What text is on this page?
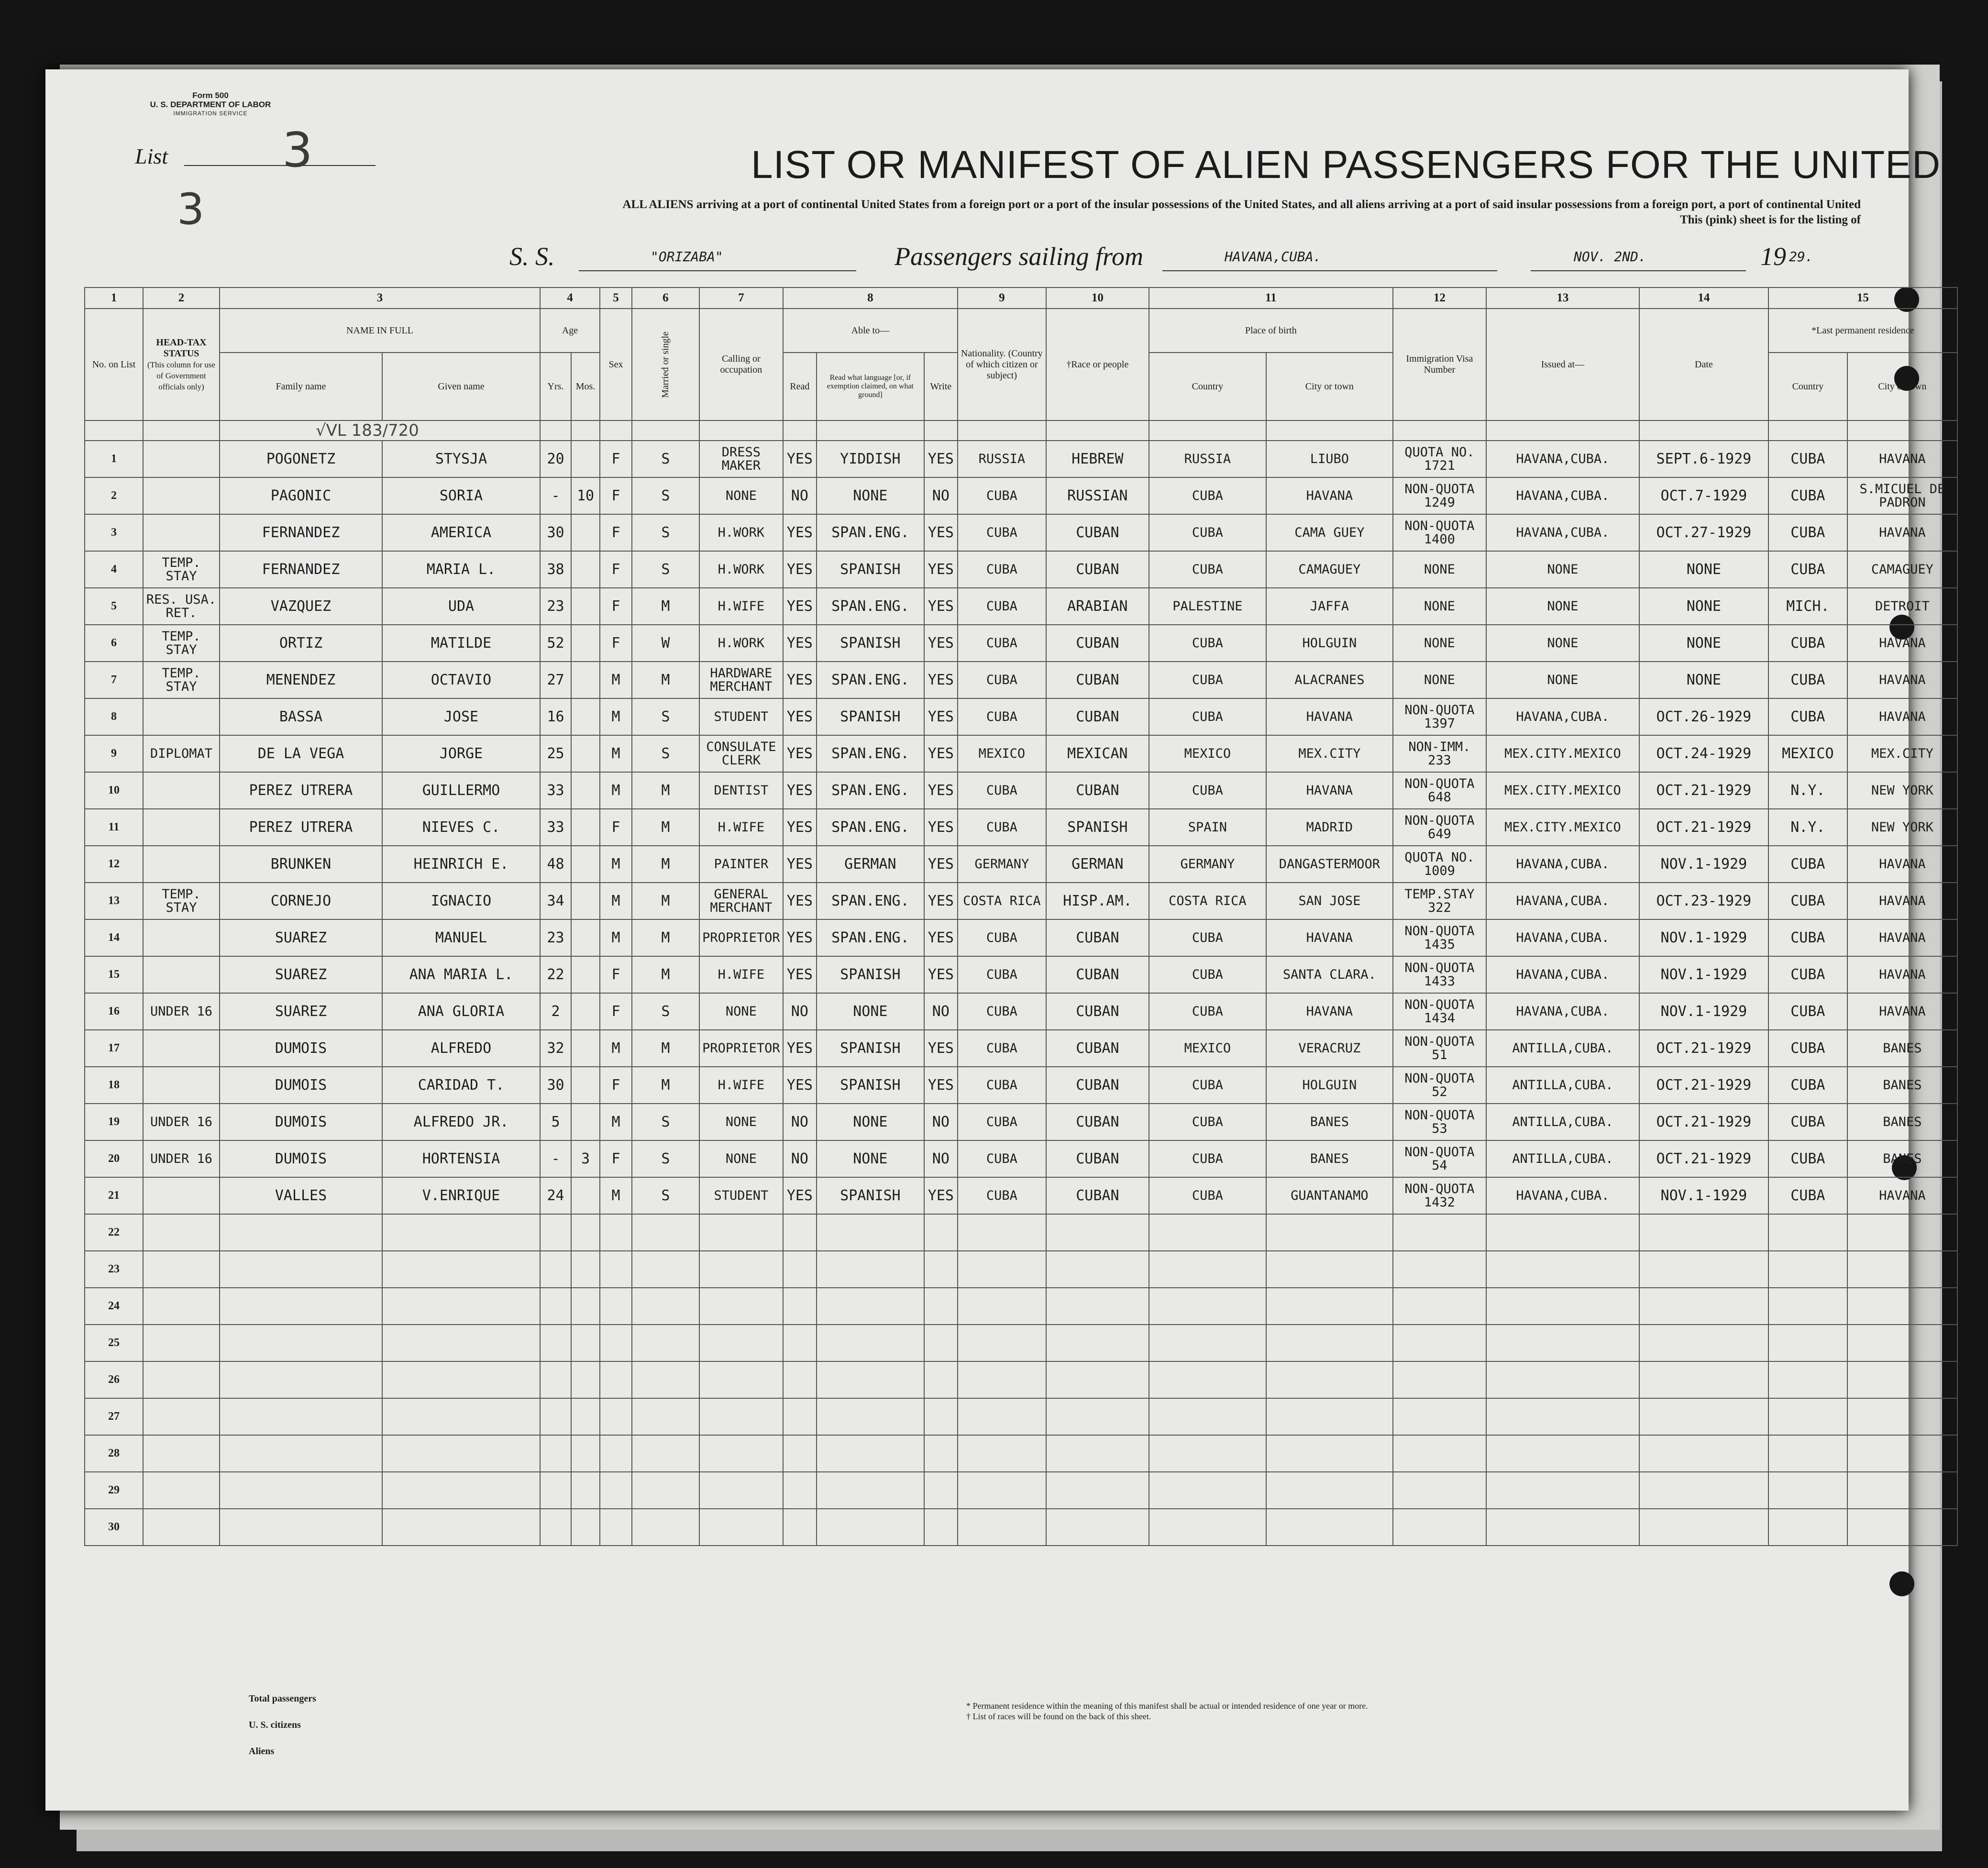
Form 500
U. S. DEPARTMENT OF LABOR
IMMIGRATION SERVICE
List 3
3
LIST OR MANIFEST OF ALIEN PASSENGERS FOR THE UNITED
ALL ALIENS arriving at a port of continental United States from a foreign port or a port of the insular possessions of the United States, and all aliens arriving at a port of said insular possessions from a foreign port, a port of continental United
This (pink) sheet is for the listing of
S. S.	"ORIZABA"	Passengers sailing from	HAVANA,CUBA.	NOV. 2ND.	19 29.
1	2	3		4		5	6	7	8			9	10	11		12	13	14	15	
No. on List	HEAD-TAX STATUS
(This column for use of Government officials only)	NAME IN FULL		Age		Sex	Married or single	Calling or occupation	Able to—			Nationality. (Country of which citizen or subject)	†Race or people	Place of birth		Immigration Visa Number	Issued at—	Date	*Last permanent residence	
		Family name	Given name	Yrs.	Mos.				Read	Read what language [or, if exemption claimed, on what ground]	Write			Country	City or town				Country	City or town
		√VL 183/720																		
1		POGONETZ	STYSJA	20		F	S	DRESS MAKER	YES	YIDDISH	YES	RUSSIA	HEBREW	RUSSIA	LIUBO	QUOTA NO. 1721	HAVANA,CUBA.	SEPT.6-1929	CUBA	HAVANA
2		PAGONIC	SORIA	-	10	F	S	NONE	NO	NONE	NO	CUBA	RUSSIAN	CUBA	HAVANA	NON-QUOTA 1249	HAVANA,CUBA.	OCT.7-1929	CUBA	S.MICUEL DE PADRON
3		FERNANDEZ	AMERICA	30		F	S	H.WORK	YES	SPAN.ENG.	YES	CUBA	CUBAN	CUBA	CAMA GUEY	NON-QUOTA 1400	HAVANA,CUBA.	OCT.27-1929	CUBA	HAVANA
4	TEMP. STAY	FERNANDEZ	MARIA L.	38		F	S	H.WORK	YES	SPANISH	YES	CUBA	CUBAN	CUBA	CAMAGUEY	NONE	NONE	NONE	CUBA	CAMAGUEY
5	RES. USA. RET.	VAZQUEZ	UDA	23		F	M	H.WIFE	YES	SPAN.ENG.	YES	CUBA	ARABIAN	PALESTINE	JAFFA	NONE	NONE	NONE	MICH.	DETROIT
6	TEMP. STAY	ORTIZ	MATILDE	52		F	W	H.WORK	YES	SPANISH	YES	CUBA	CUBAN	CUBA	HOLGUIN	NONE	NONE	NONE	CUBA	HAVANA
7	TEMP. STAY	MENENDEZ	OCTAVIO	27		M	M	HARDWARE MERCHANT	YES	SPAN.ENG.	YES	CUBA	CUBAN	CUBA	ALACRANES	NONE	NONE	NONE	CUBA	HAVANA
8		BASSA	JOSE	16		M	S	STUDENT	YES	SPANISH	YES	CUBA	CUBAN	CUBA	HAVANA	NON-QUOTA 1397	HAVANA,CUBA.	OCT.26-1929	CUBA	HAVANA
9	DIPLOMAT	DE LA VEGA	JORGE	25		M	S	CONSULATE CLERK	YES	SPAN.ENG.	YES	MEXICO	MEXICAN	MEXICO	MEX.CITY	NON-IMM. 233	MEX.CITY.MEXICO	OCT.24-1929	MEXICO	MEX.CITY
10		PEREZ UTRERA	GUILLERMO	33		M	M	DENTIST	YES	SPAN.ENG.	YES	CUBA	CUBAN	CUBA	HAVANA	NON-QUOTA 648	MEX.CITY.MEXICO	OCT.21-1929	N.Y.	NEW YORK
11		PEREZ UTRERA	NIEVES C.	33		F	M	H.WIFE	YES	SPAN.ENG.	YES	CUBA	SPANISH	SPAIN	MADRID	NON-QUOTA 649	MEX.CITY.MEXICO	OCT.21-1929	N.Y.	NEW YORK
12		BRUNKEN	HEINRICH E.	48		M	M	PAINTER	YES	GERMAN	YES	GERMANY	GERMAN	GERMANY	DANGASTERMOOR	QUOTA NO. 1009	HAVANA,CUBA.	NOV.1-1929	CUBA	HAVANA
13	TEMP. STAY	CORNEJO	IGNACIO	34		M	M	GENERAL MERCHANT	YES	SPAN.ENG.	YES	COSTA RICA	HISP.AM.	COSTA RICA	SAN JOSE	TEMP.STAY 322	HAVANA,CUBA.	OCT.23-1929	CUBA	HAVANA
14		SUAREZ	MANUEL	23		M	M	PROPRIETOR	YES	SPAN.ENG.	YES	CUBA	CUBAN	CUBA	HAVANA	NON-QUOTA 1435	HAVANA,CUBA.	NOV.1-1929	CUBA	HAVANA
15		SUAREZ	ANA MARIA L.	22		F	M	H.WIFE	YES	SPANISH	YES	CUBA	CUBAN	CUBA	SANTA CLARA.	NON-QUOTA 1433	HAVANA,CUBA.	NOV.1-1929	CUBA	HAVANA
16	UNDER 16	SUAREZ	ANA GLORIA	2		F	S	NONE	NO	NONE	NO	CUBA	CUBAN	CUBA	HAVANA	NON-QUOTA 1434	HAVANA,CUBA.	NOV.1-1929	CUBA	HAVANA
17		DUMOIS	ALFREDO	32		M	M	PROPRIETOR	YES	SPANISH	YES	CUBA	CUBAN	MEXICO	VERACRUZ	NON-QUOTA 51	ANTILLA,CUBA.	OCT.21-1929	CUBA	BANES
18		DUMOIS	CARIDAD T.	30		F	M	H.WIFE	YES	SPANISH	YES	CUBA	CUBAN	CUBA	HOLGUIN	NON-QUOTA 52	ANTILLA,CUBA.	OCT.21-1929	CUBA	BANES
19	UNDER 16	DUMOIS	ALFREDO JR.	5		M	S	NONE	NO	NONE	NO	CUBA	CUBAN	CUBA	BANES	NON-QUOTA 53	ANTILLA,CUBA.	OCT.21-1929	CUBA	BANES
20	UNDER 16	DUMOIS	HORTENSIA	-	3	F	S	NONE	NO	NONE	NO	CUBA	CUBAN	CUBA	BANES	NON-QUOTA 54	ANTILLA,CUBA.	OCT.21-1929	CUBA	BANES
21		VALLES	V.ENRIQUE	24		M	S	STUDENT	YES	SPANISH	YES	CUBA	CUBAN	CUBA	GUANTANAMO	NON-QUOTA 1432	HAVANA,CUBA.	NOV.1-1929	CUBA	HAVANA
22																				
23																				
24																				
25																				
26																				
27																				
28																				
29																				
30																				
Total passengers
U. S. citizens
Aliens
* Permanent residence within the meaning of this manifest shall be actual or intended residence of one year or more.
† List of races will be found on the back of this sheet.
